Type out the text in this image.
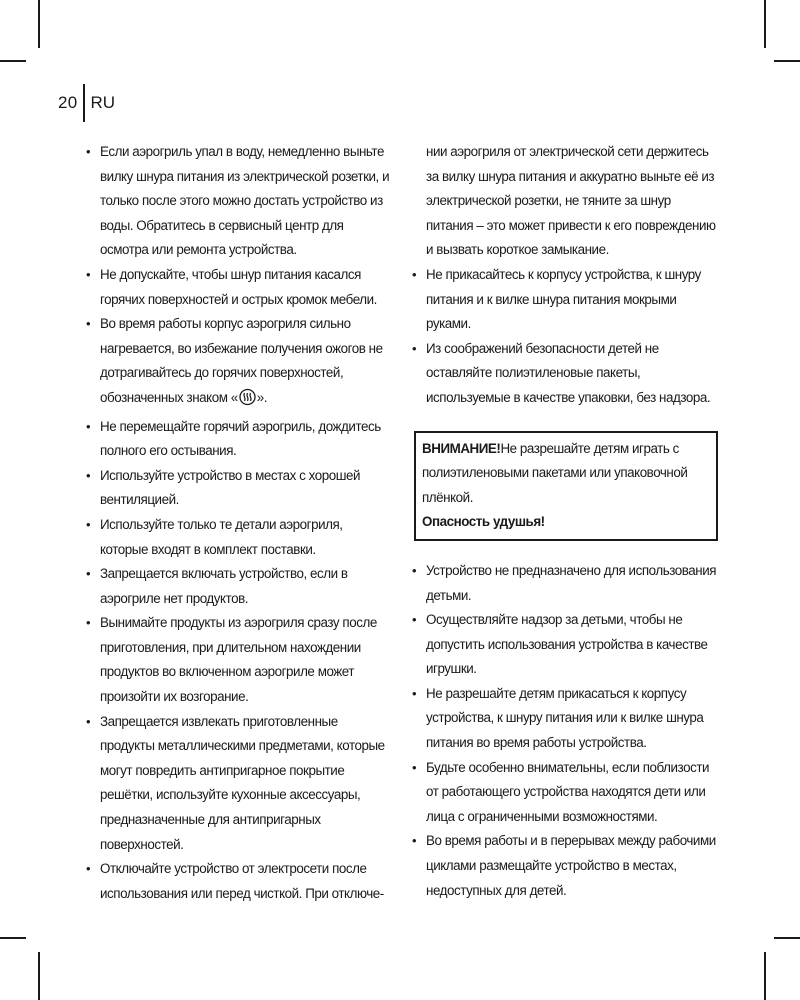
20 RU
• Если аэрогриль упал в воду, немедленно выньте вилку шнура питания из электрической розетки, и только после этого можно достать устройство из воды. Обратитесь в сервисный центр для осмотра или ремонта устройства.
• Не допускайте, чтобы шнур питания касался горячих поверхностей и острых кромок мебели.
• Во время работы корпус аэрогриля сильно нагревается, во избежание получения ожогов не дотрагивайтесь до горячих поверхностей, обозначенных знаком « ».
• Не перемещайте горячий аэрогриль, дождитесь полного его остывания.
• Используйте устройство в местах с хорошей вентиляцией.
• Используйте только те детали аэрогриля, которые входят в комплект поставки.
• Запрещается включать устройство, если в аэрогриле нет продуктов.
• Вынимайте продукты из аэрогриля сразу после приготовления, при длительном нахождении продуктов во включенном аэрогриле может произойти их возгорание.
• Запрещается извлекать приготовленные продукты металлическими предметами, которые могут повредить антипригарное покрытие решётки, используйте кухонные аксессуары, предназначенные для антипригарных поверхностей.
• Отключайте устройство от электросети после использования или перед чисткой. При отключе-

нии аэрогриля от электрической сети держитесь за вилку шнура питания и аккуратно выньте её из электрической розетки, не тяните за шнур питания – это может привести к его повреждению и вызвать короткое замыкание.

• Не прикасайтесь к корпусу устройства, к шнуру питания и к вилке шнура питания мокрыми руками.
• Из соображений безопасности детей не оставляйте полиэтиленовые пакеты, используемые в качестве упаковки, без надзора.
ВНИМАНИЕ!Не разрешайте детям играть с полиэтиленовыми пакетами или упаковочной плёнкой.
Опасность удушья!
• Устройство не предназначено для использования детьми.
• Осуществляйте надзор за детьми, чтобы не допустить использования устройства в качестве игрушки.
• Не разрешайте детям прикасаться к корпусу устройства, к шнуру питания или к вилке шнура питания во время работы устройства.
• Будьте особенно внимательны, если поблизости от работающего устройства находятся дети или лица с ограниченными возможностями.
• Во время работы и в перерывах между рабочими циклами размещайте устройство в местах, недоступных для детей.
